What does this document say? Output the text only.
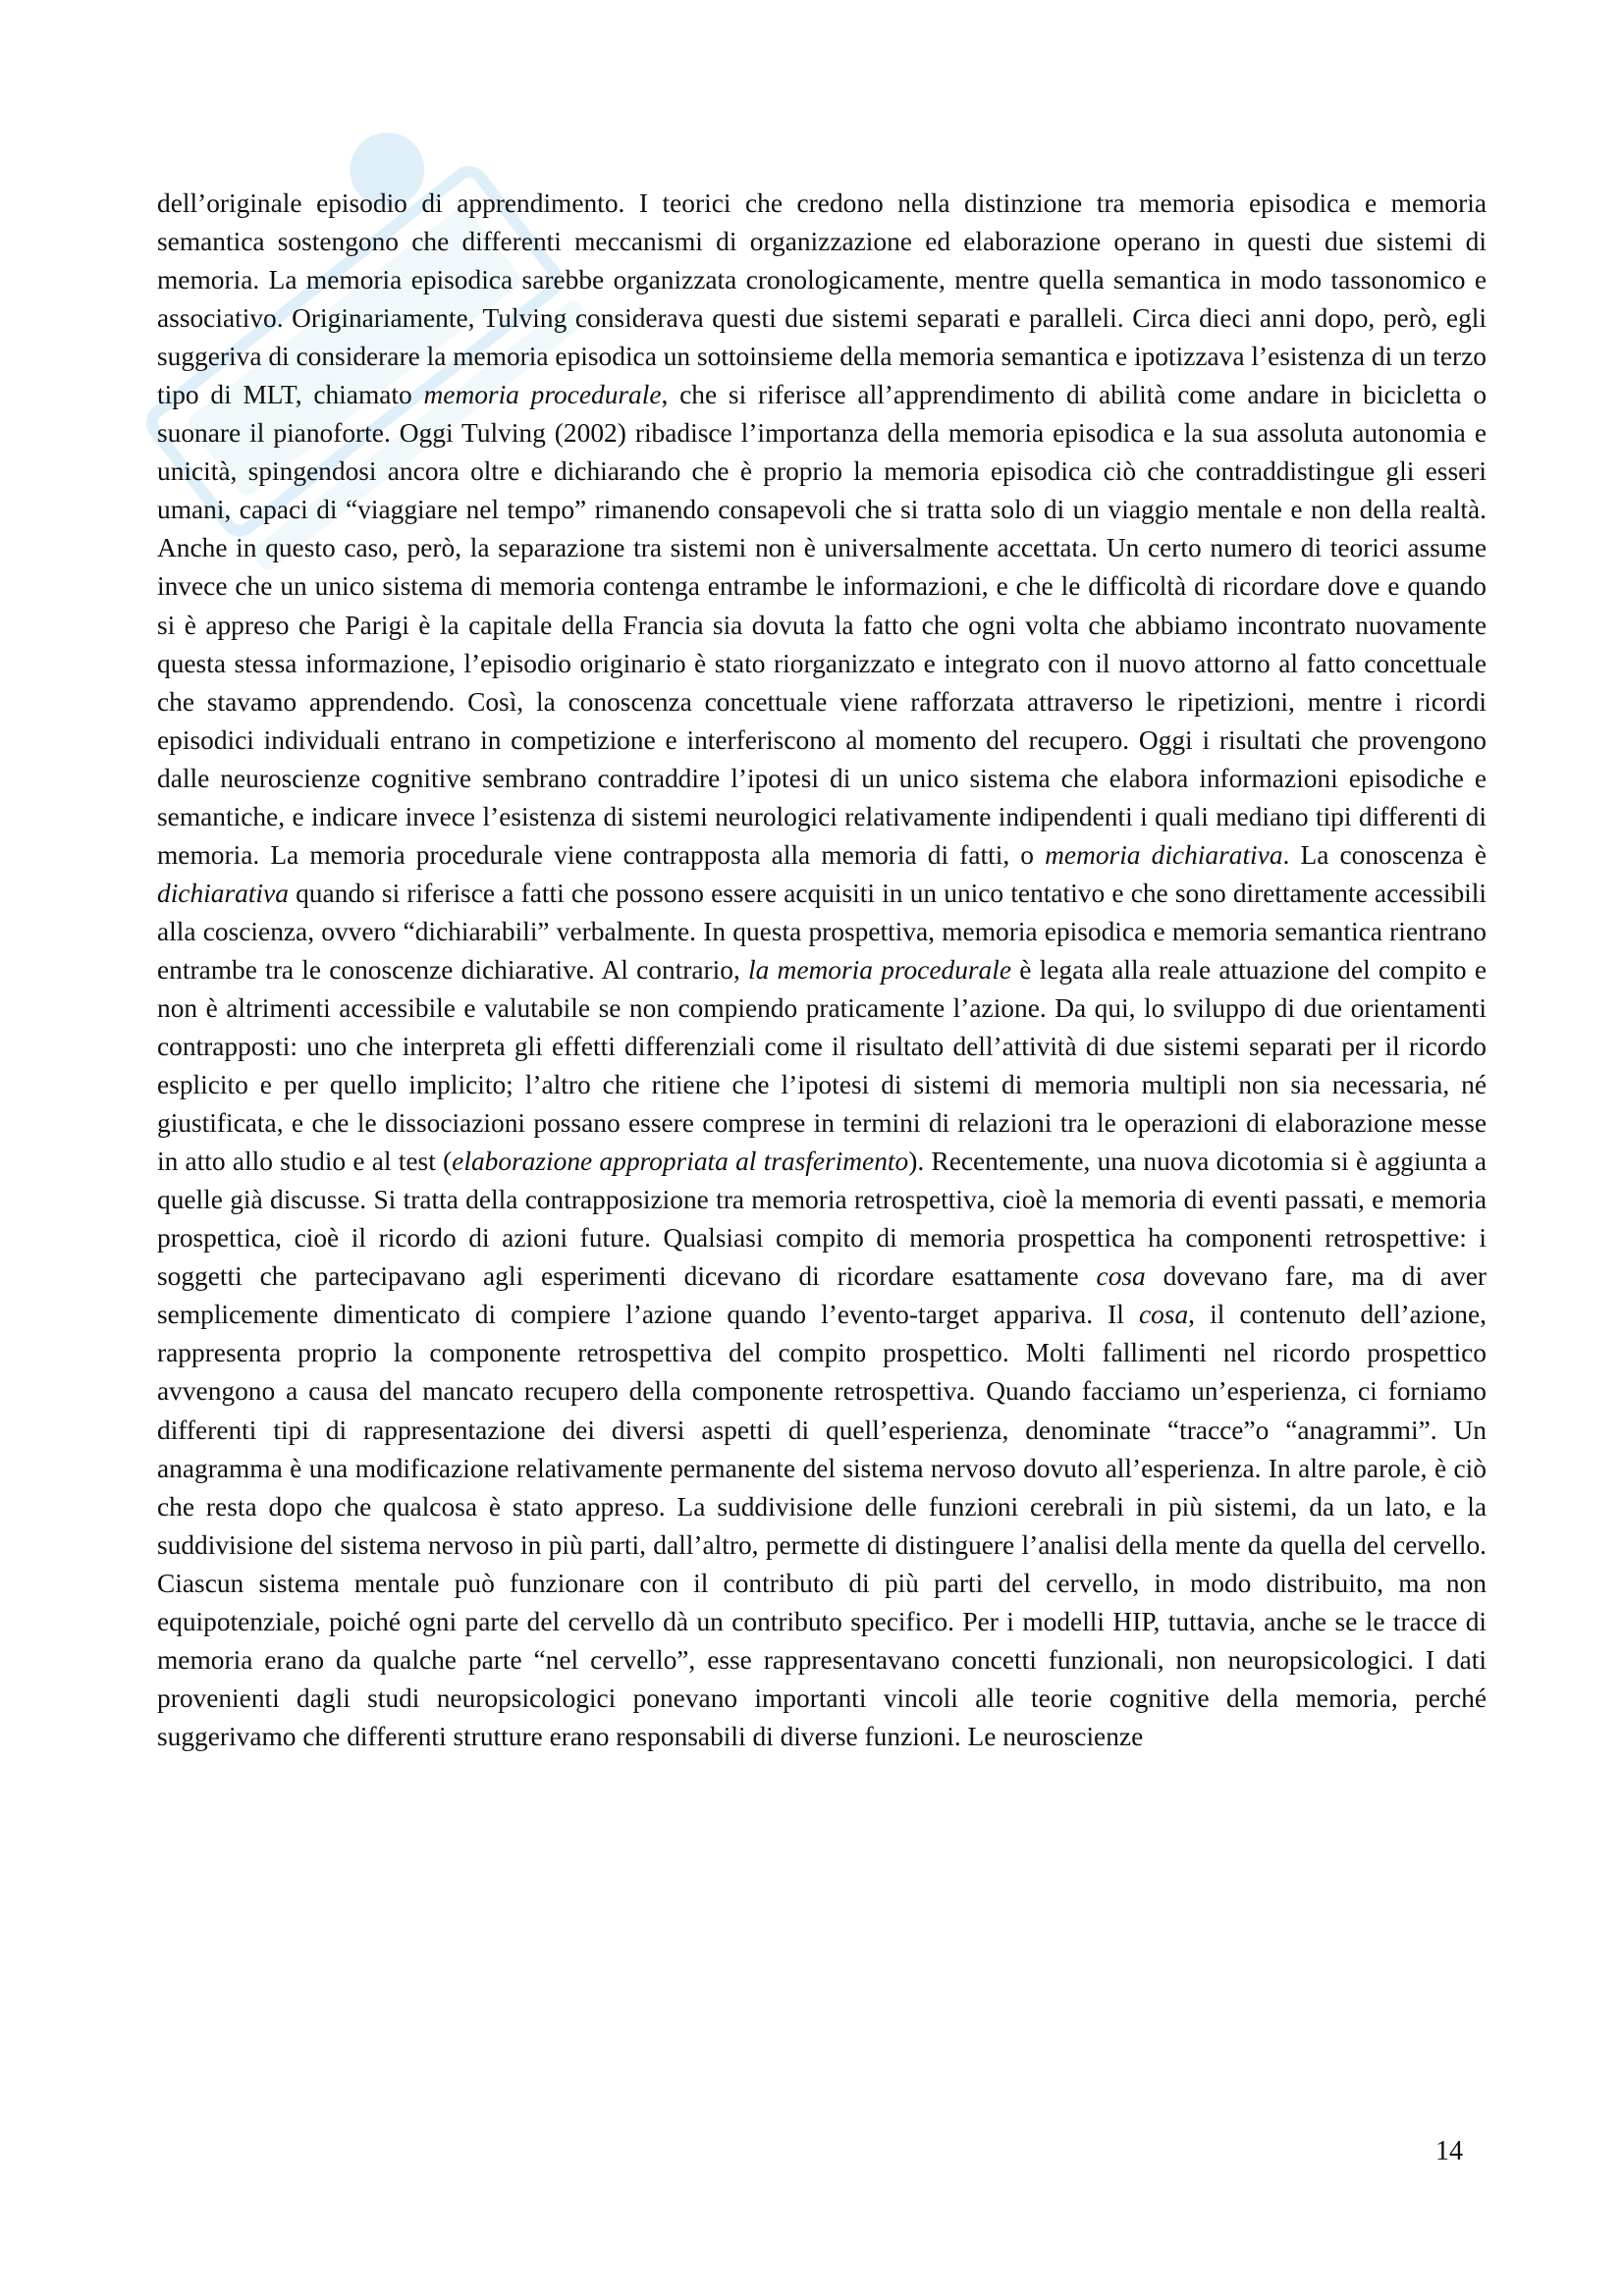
dell’originale episodio di apprendimento. I teorici che credono nella distinzione tra memoria episodica e memoria semantica sostengono che differenti meccanismi di organizzazione ed elaborazione operano in questi due sistemi di memoria. La memoria episodica sarebbe organizzata cronologicamente, mentre quella semantica in modo tassonomico e associativo. Originariamente, Tulving considerava questi due sistemi separati e paralleli. Circa dieci anni dopo, però, egli suggeriva di considerare la memoria episodica un sottoinsieme della memoria semantica e ipotizzava l’esistenza di un terzo tipo di MLT, chiamato memoria procedurale, che si riferisce all’apprendimento di abilità come andare in bicicletta o suonare il pianoforte. Oggi Tulving (2002) ribadisce l’importanza della memoria episodica e la sua assoluta autonomia e unicità, spingendosi ancora oltre e dichiarando che è proprio la memoria episodica ciò che contraddistingue gli esseri umani, capaci di “viaggiare nel tempo” rimanendo consapevoli che si tratta solo di un viaggio mentale e non della realtà. Anche in questo caso, però, la separazione tra sistemi non è universalmente accettata. Un certo numero di teorici assume invece che un unico sistema di memoria contenga entrambe le informazioni, e che le difficoltà di ricordare dove e quando si è appreso che Parigi è la capitale della Francia sia dovuta la fatto che ogni volta che abbiamo incontrato nuovamente questa stessa informazione, l’episodio originario è stato riorganizzato e integrato con il nuovo attorno al fatto concettuale che stavamo apprendendo. Così, la conoscenza concettuale viene rafforzata attraverso le ripetizioni, mentre i ricordi episodici individuali entrano in competizione e interferiscono al momento del recupero. Oggi i risultati che provengono dalle neuroscienze cognitive sembrano contraddire l’ipotesi di un unico sistema che elabora informazioni episodiche e semantiche, e indicare invece l’esistenza di sistemi neurologici relativamente indipendenti i quali mediano tipi differenti di memoria. La memoria procedurale viene contrapposta alla memoria di fatti, o memoria dichiarativa. La conoscenza è dichiarativa quando si riferisce a fatti che possono essere acquisiti in un unico tentativo e che sono direttamente accessibili alla coscienza, ovvero “dichiarabili” verbalmente. In questa prospettiva, memoria episodica e memoria semantica rientrano entrambe tra le conoscenze dichiarative. Al contrario, la memoria procedurale è legata alla reale attuazione del compito e non è altrimenti accessibile e valutabile se non compiendo praticamente l’azione. Da qui, lo sviluppo di due orientamenti contrapposti: uno che interpreta gli effetti differenziali come il risultato dell’attività di due sistemi separati per il ricordo esplicito e per quello implicito; l’altro che ritiene che l’ipotesi di sistemi di memoria multipli non sia necessaria, né giustificata, e che le dissociazioni possano essere comprese in termini di relazioni tra le operazioni di elaborazione messe in atto allo studio e al test (elaborazione appropriata al trasferimento). Recentemente, una nuova dicotomia si è aggiunta a quelle già discusse. Si tratta della contrapposizione tra memoria retrospettiva, cioè la memoria di eventi passati, e memoria prospettica, cioè il ricordo di azioni future. Qualsiasi compito di memoria prospettica ha componenti retrospettive: i soggetti che partecipavano agli esperimenti dicevano di ricordare esattamente cosa dovevano fare, ma di aver semplicemente dimenticato di compiere l’azione quando l’evento-target appariva. Il cosa, il contenuto dell’azione, rappresenta proprio la componente retrospettiva del compito prospettico. Molti fallimenti nel ricordo prospettico avvengono a causa del mancato recupero della componente retrospettiva. Quando facciamo un’esperienza, ci forniamo differenti tipi di rappresentazione dei diversi aspetti di quell’esperienza, denominate “tracce”o “anagrammi”. Un anagramma è una modificazione relativamente permanente del sistema nervoso dovuto all’esperienza. In altre parole, è ciò che resta dopo che qualcosa è stato appreso. La suddivisione delle funzioni cerebrali in più sistemi, da un lato, e la suddivisione del sistema nervoso in più parti, dall’altro, permette di distinguere l’analisi della mente da quella del cervello. Ciascun sistema mentale può funzionare con il contributo di più parti del cervello, in modo distribuito, ma non equipotenziale, poiché ogni parte del cervello dà un contributo specifico. Per i modelli HIP, tuttavia, anche se le tracce di memoria erano da qualche parte “nel cervello”, esse rappresentavano concetti funzionali, non neuropsicologici. I dati provenienti dagli studi neuropsicologici ponevano importanti vincoli alle teorie cognitive della memoria, perché suggerivamo che differenti strutture erano responsabili di diverse funzioni. Le neuroscienze

14
